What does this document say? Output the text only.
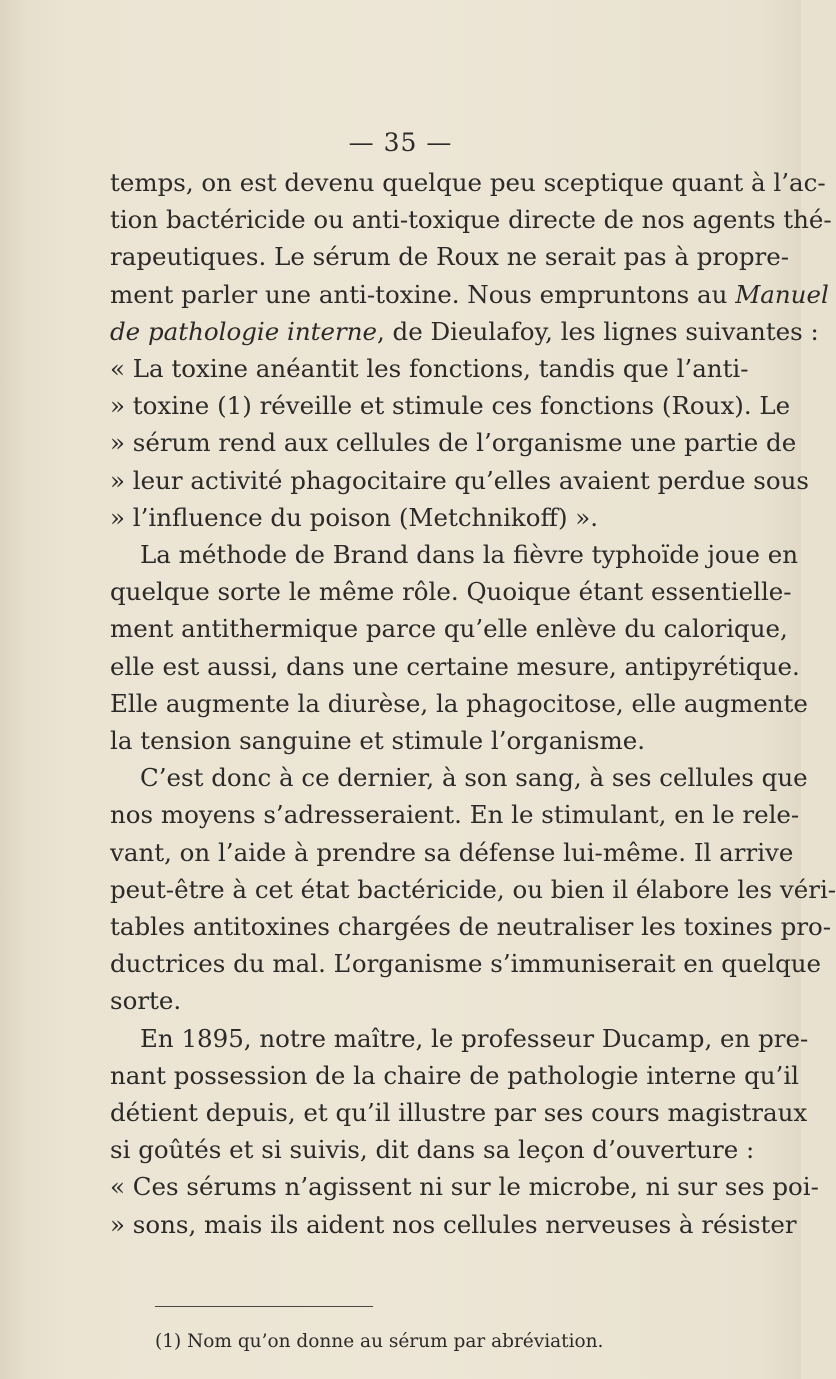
— 35 —
temps, on est devenu quelque peu sceptique quant à l’ac-
tion bactéricide ou anti-toxique directe de nos agents thé-
rapeutiques. Le sérum de Roux ne serait pas à propre-
ment parler une anti-toxine. Nous empruntons au Manuel
de pathologie interne, de Dieulafoy, les lignes suivantes :
« La toxine anéantit les fonctions, tandis que l’anti-
» toxine (1) réveille et stimule ces fonctions (Roux). Le
» sérum rend aux cellules de l’organisme une partie de
» leur activité phagocitaire qu’elles avaient perdue sous
» l’influence du poison (Metchnikoff) ».
La méthode de Brand dans la fièvre typhoïde joue en
quelque sorte le même rôle. Quoique étant essentielle-
ment antithermique parce qu’elle enlève du calorique,
elle est aussi, dans une certaine mesure, antipyrétique.
Elle augmente la diurèse, la phagocitose, elle augmente
la tension sanguine et stimule l’organisme.
C’est donc à ce dernier, à son sang, à ses cellules que
nos moyens s’adresseraient. En le stimulant, en le rele-
vant, on l’aide à prendre sa défense lui-même. Il arrive
peut-être à cet état bactéricide, ou bien il élabore les véri-
tables antitoxines chargées de neutraliser les toxines pro-
ductrices du mal. L’organisme s’immuniserait en quelque
sorte.
En 1895, notre maître, le professeur Ducamp, en pre-
nant possession de la chaire de pathologie interne qu’il
détient depuis, et qu’il illustre par ses cours magistraux
si goûtés et si suivis, dit dans sa leçon d’ouverture :
« Ces sérums n’agissent ni sur le microbe, ni sur ses poi-
» sons, mais ils aident nos cellules nerveuses à résister
(1) Nom qu’on donne au sérum par abréviation.
